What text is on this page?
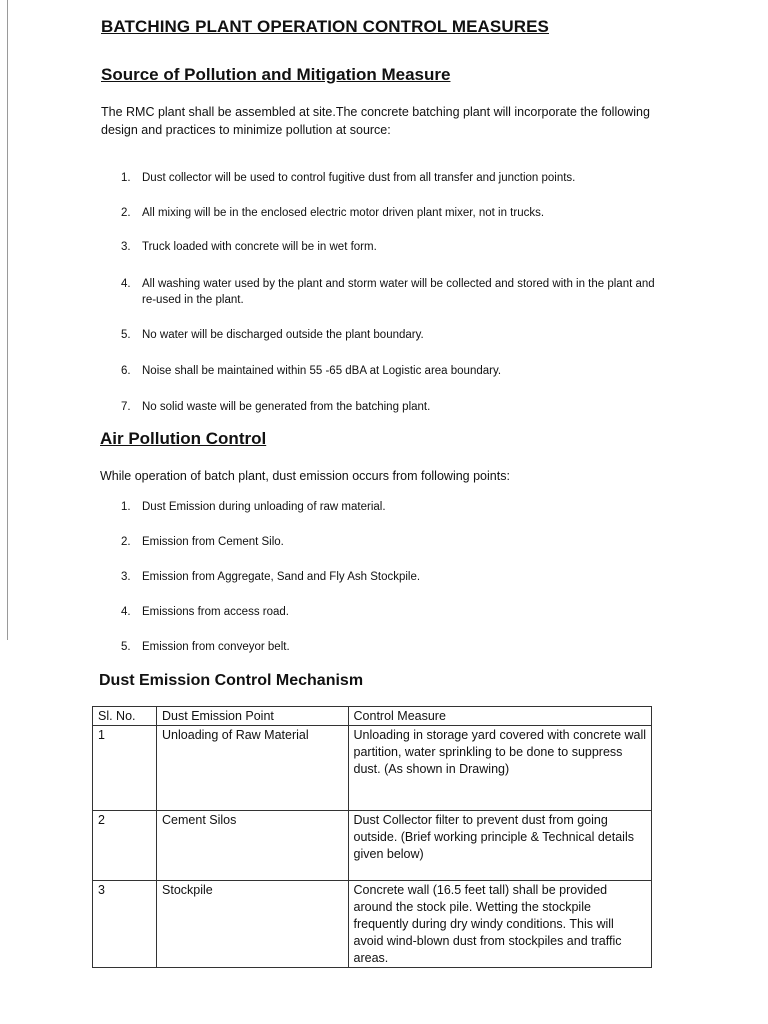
BATCHING PLANT OPERATION CONTROL MEASURES
Source of Pollution and Mitigation Measure

The RMC plant shall be assembled at site.The concrete batching plant will incorporate the following design and practices to minimize pollution at source:

1. Dust collector will be used to control fugitive dust from all transfer and junction points.
2. All mixing will be in the enclosed electric motor driven plant mixer, not in trucks.
3. Truck loaded with concrete will be in wet form.
4. All washing water used by the plant and storm water will be collected and stored with in the plant and re-used in the plant.
5. No water will be discharged outside the plant boundary.
6. Noise shall be maintained within 55 -65 dBA at Logistic area boundary.
7. No solid waste will be generated from the batching plant.
Air Pollution Control

While operation of batch plant, dust emission occurs from following points:

1. Dust Emission during unloading of raw material.
2. Emission from Cement Silo.
3. Emission from Aggregate, Sand and Fly Ash Stockpile.
4. Emissions from access road.
5. Emission from conveyor belt.
Dust Emission Control Mechanism
Sl. No.	Dust Emission Point	Control Measure
1	Unloading of Raw Material	Unloading in storage yard covered with concrete wall partition, water sprinkling to be done to suppress dust. (As shown in Drawing)
2	Cement Silos	Dust Collector filter to prevent dust from going outside. (Brief working principle & Technical details given below)
3	Stockpile	Concrete wall (16.5 feet tall) shall be provided around the stock pile. Wetting the stockpile frequently during dry windy conditions. This will avoid wind-blown dust from stockpiles and traffic areas.
